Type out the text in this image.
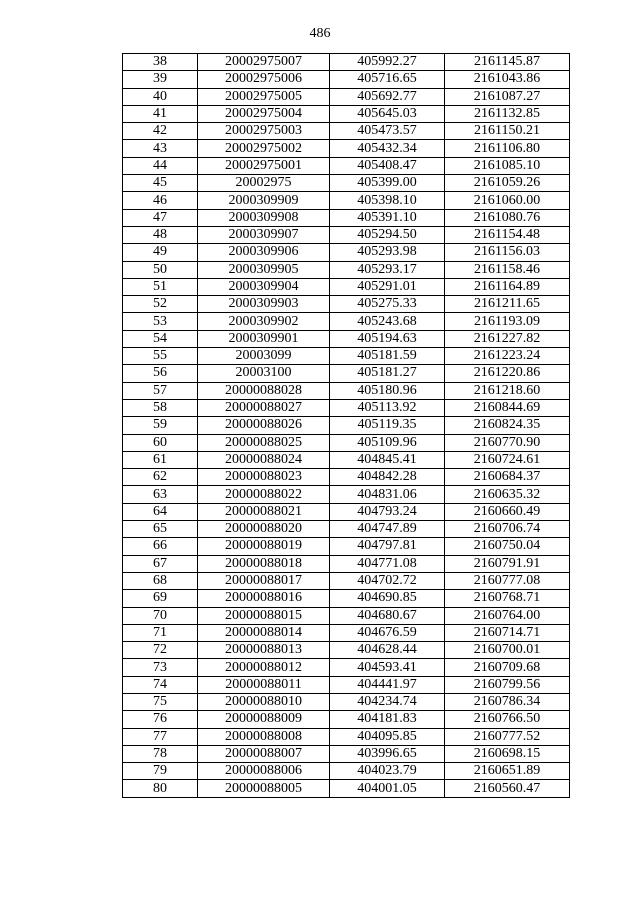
486
38	20002975007	405992.27	2161145.87
39	20002975006	405716.65	2161043.86
40	20002975005	405692.77	2161087.27
41	20002975004	405645.03	2161132.85
42	20002975003	405473.57	2161150.21
43	20002975002	405432.34	2161106.80
44	20002975001	405408.47	2161085.10
45	20002975	405399.00	2161059.26
46	2000309909	405398.10	2161060.00
47	2000309908	405391.10	2161080.76
48	2000309907	405294.50	2161154.48
49	2000309906	405293.98	2161156.03
50	2000309905	405293.17	2161158.46
51	2000309904	405291.01	2161164.89
52	2000309903	405275.33	2161211.65
53	2000309902	405243.68	2161193.09
54	2000309901	405194.63	2161227.82
55	20003099	405181.59	2161223.24
56	20003100	405181.27	2161220.86
57	20000088028	405180.96	2161218.60
58	20000088027	405113.92	2160844.69
59	20000088026	405119.35	2160824.35
60	20000088025	405109.96	2160770.90
61	20000088024	404845.41	2160724.61
62	20000088023	404842.28	2160684.37
63	20000088022	404831.06	2160635.32
64	20000088021	404793.24	2160660.49
65	20000088020	404747.89	2160706.74
66	20000088019	404797.81	2160750.04
67	20000088018	404771.08	2160791.91
68	20000088017	404702.72	2160777.08
69	20000088016	404690.85	2160768.71
70	20000088015	404680.67	2160764.00
71	20000088014	404676.59	2160714.71
72	20000088013	404628.44	2160700.01
73	20000088012	404593.41	2160709.68
74	20000088011	404441.97	2160799.56
75	20000088010	404234.74	2160786.34
76	20000088009	404181.83	2160766.50
77	20000088008	404095.85	2160777.52
78	20000088007	403996.65	2160698.15
79	20000088006	404023.79	2160651.89
80	20000088005	404001.05	2160560.47
